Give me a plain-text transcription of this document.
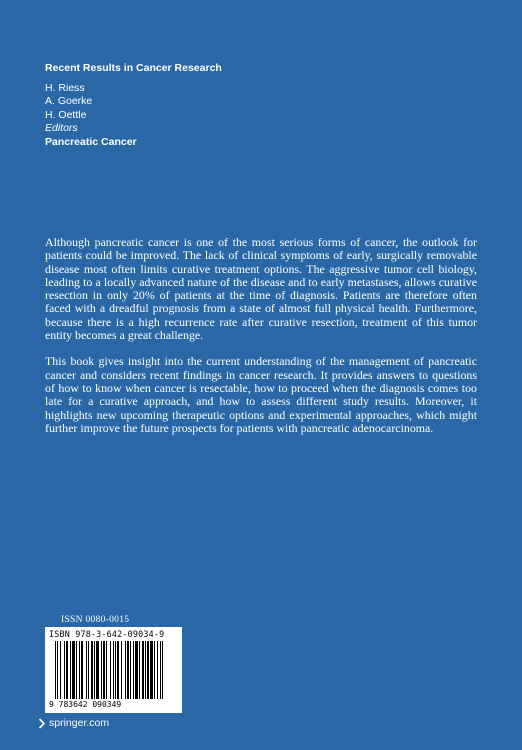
Recent Results in Cancer Research
H. Riess
A. Goerke
H. Oettle
Editors
Pancreatic Cancer

Although pancreatic cancer is one of the most serious forms of cancer, the outlook for patients could be improved. The lack of clinical symptoms of early, surgically removable disease most often limits curative treatment options. The aggressive tumor cell biology, leading to a locally advanced nature of the disease and to early metastases, allows curative resection in only 20% of patients at the time of diagnosis. Patients are therefore often faced with a dreadful prognosis from a state of almost full physical health. Furthermore, because there is a high recurrence rate after curative resection, treatment of this tumor entity becomes a great challenge.

This book gives insight into the current understanding of the management of pancreatic cancer and considers recent findings in cancer research. It provides answers to questions of how to know when cancer is resectable, how to proceed when the diagnosis comes too late for a curative approach, and how to assess different study results. Moreover, it highlights new upcoming therapeutic options and experimental approaches, which might further improve the future prospects for patients with pancreatic adenocarcinoma.

ISSN 0080-0015
ISBN 978-3-642-09034-9
9 783642 090349
springer.com
